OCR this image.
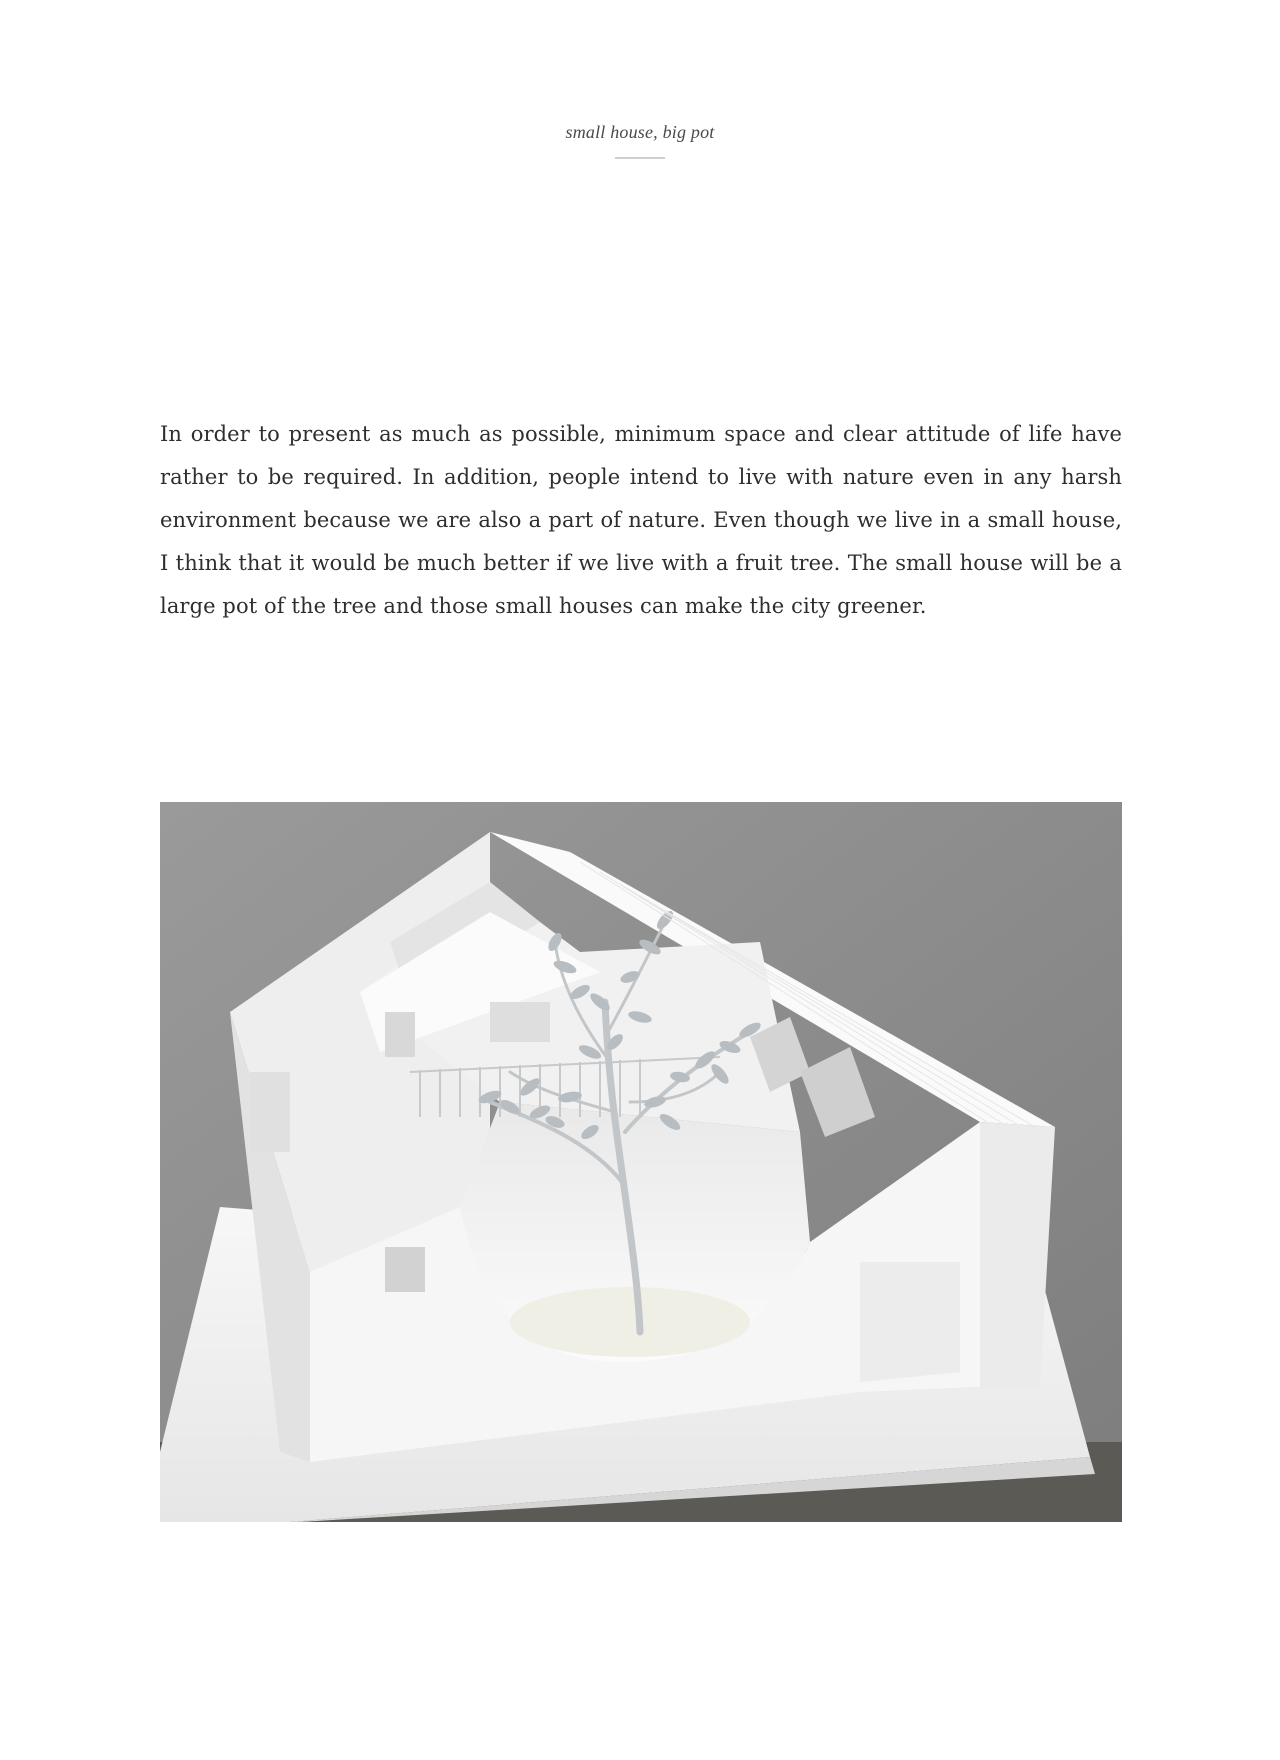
small house, big pot

In order to present as much as possible, minimum space and clear attitude of life have rather to be required. In addition, people intend to live with nature even in any harsh environment because we are also a part of nature. Even though we live in a small house, I think that it would be much better if we live with a fruit tree. The small house will be a large pot of the tree and those small houses can make the city greener.
